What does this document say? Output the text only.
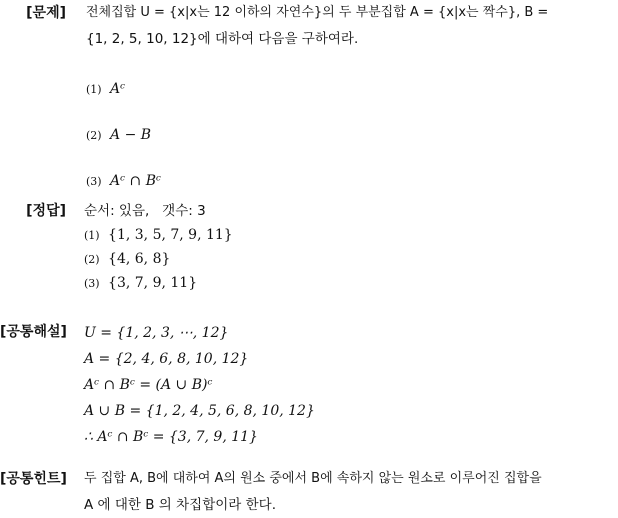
[문제] 전체집합 U = {x|x는 12 이하의 자연수}의 두 부분집합 A = {x|x는 짝수}, B =
{1, 2, 5, 10, 12}에 대하여 다음을 구하여라.
(1) Aᶜ
(2) A − B
(3) Aᶜ ∩ Bᶜ
[정답] 순서: 있음,   갯수: 3
(1) {1, 3, 5, 7, 9, 11}
(2) {4, 6, 8}
(3) {3, 7, 9, 11}
[공통해설] U = {1, 2, 3, ⋯, 12}
A = {2, 4, 6, 8, 10, 12}
Aᶜ ∩ Bᶜ = (A ∪ B)ᶜ
A ∪ B = {1, 2, 4, 5, 6, 8, 10, 12}
∴ Aᶜ ∩ Bᶜ = {3, 7, 9, 11}
[공통힌트] 두 집합 A, B에 대하여 A의 원소 중에서 B에 속하지 않는 원소로 이루어진 집합을
A 에 대한 B 의 차집합이라 한다.
